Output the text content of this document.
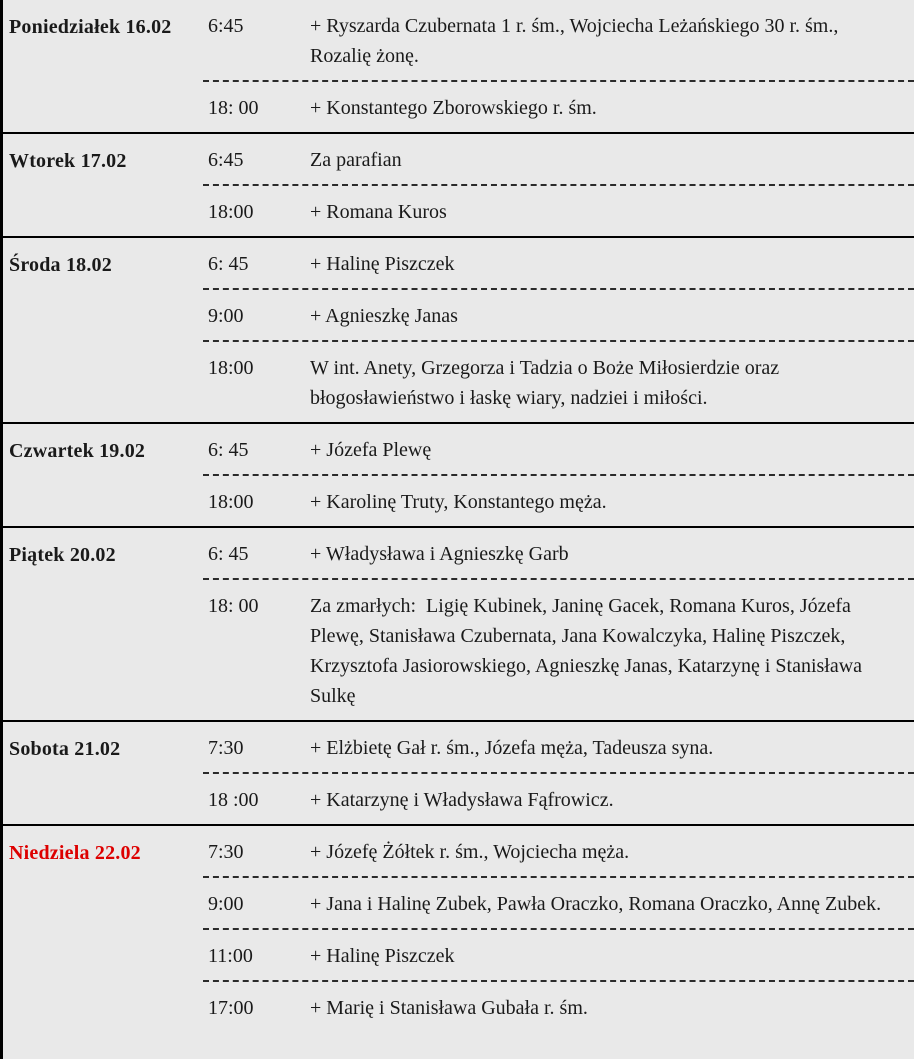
Poniedziałek 16.02	6:45	+ Ryszarda Czubernata 1 r. śm., Wojciecha Leżańskiego 30 r. śm., Rozalię żonę.
18: 00	+ Konstantego Zborowskiego r. śm.
Wtorek 17.02	6:45	Za parafian
18:00	+ Romana Kuros
Środa 18.02	6: 45	+ Halinę Piszczek
9:00	+ Agnieszkę Janas
18:00	W int. Anety, Grzegorza i Tadzia o Boże Miłosierdzie oraz błogosławieństwo i łaskę wiary, nadziei i miłości.
Czwartek 19.02	6: 45	+ Józefa Plewę
18:00	+ Karolinę Truty, Konstantego męża.
Piątek 20.02	6: 45	+ Władysława i Agnieszkę Garb
18: 00	Za zmarłych:  Ligię Kubinek, Janinę Gacek, Romana Kuros, Józefa Plewę, Stanisława Czubernata, Jana Kowalczyka, Halinę Piszczek, Krzysztofa Jasiorowskiego, Agnieszkę Janas, Katarzynę i Stanisława Sulkę
Sobota 21.02	7:30	+ Elżbietę Gał r. śm., Józefa męża, Tadeusza syna.
18 :00	+ Katarzynę i Władysława Fąfrowicz.
Niedziela 22.02	7:30	+ Józefę Żółtek r. śm., Wojciecha męża.
9:00	+ Jana i Halinę Zubek, Pawła Oraczko, Romana Oraczko, Annę Zubek.
11:00	+ Halinę Piszczek
17:00	+ Marię i Stanisława Gubała r. śm.
